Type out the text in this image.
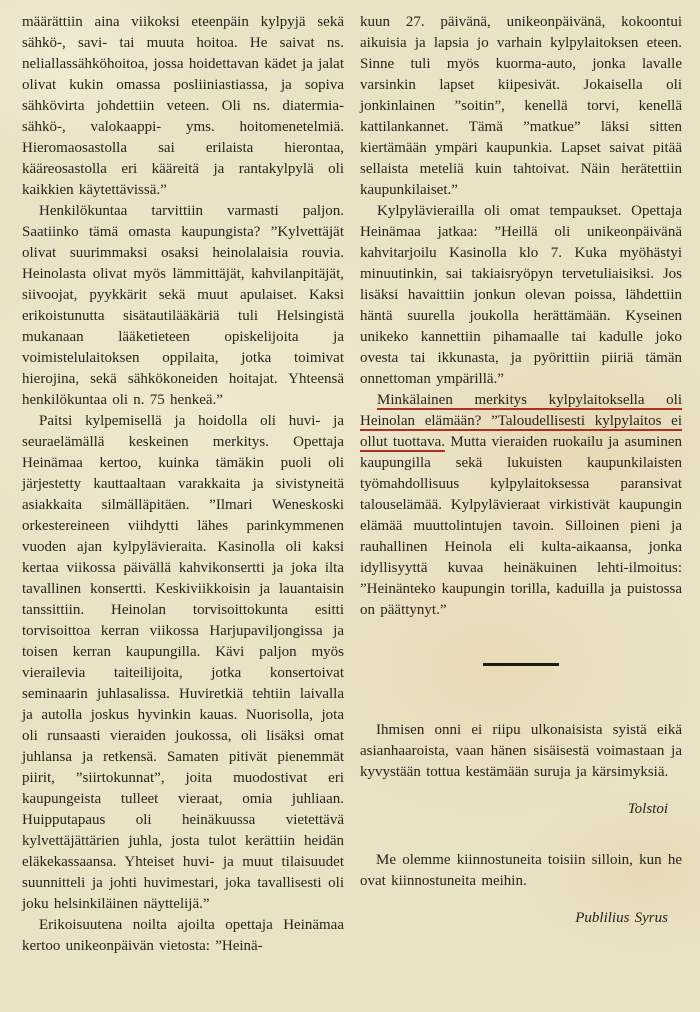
määrättiin aina viikoksi eteenpäin kylpyjä sekä sähkö-, savi- tai muuta hoitoa. He saivat ns. neliallassähköhoitoa, jossa hoidettavan kädet ja jalat olivat kukin omassa posliiniastiassa, ja sopiva sähkövirta johdettiin veteen. Oli ns. diatermia-sähkö-, valokaappi- yms. hoitomenetelmiä. Hieromaosastolla sai erilaista hierontaa, kääreosastolla eri kääreitä ja rantakylpylä oli kaikkien käytettävissä.”

Henkilökuntaa tarvittiin varmasti paljon. Saatiinko tämä omasta kaupungista? ”Kylvettäjät olivat suurimmaksi osaksi heinolalaisia rouvia. Heinolasta olivat myös lämmittäjät, kahvilanpitäjät, siivoojat, pyykkärit sekä muut apulaiset. Kaksi erikoistunutta sisätautilääkäriä tuli Helsingistä mukanaan lääketieteen opiskelijoita ja voimistelulaitoksen oppilaita, jotka toimivat hierojina, sekä sähkökoneiden hoitajat. Yhteensä henkilökuntaa oli n. 75 henkeä.”

Paitsi kylpemisellä ja hoidolla oli huvi- ja seuraelämällä keskeinen merkitys. Opettaja Heinämaa kertoo, kuinka tämäkin puoli oli järjestetty kauttaaltaan varakkaita ja sivistyneitä asiakkaita silmälläpitäen. ”Ilmari Weneskoski orkestereineen viihdytti lähes parinkymmenen vuoden ajan kylpylävieraita. Kasinolla oli kaksi kertaa viikossa päivällä kahvikonsertti ja joka ilta tavallinen konsertti. Keskiviikkoisin ja lauantaisin tanssittiin. Heinolan torvisoittokunta esitti torvisoittoa kerran viikossa Harjupaviljongissa ja toisen kerran kaupungilla. Kävi paljon myös vierailevia taiteilijoita, jotka konsertoivat seminaarin juhlasalissa. Huviretkiä tehtiin laivalla ja autolla joskus hyvinkin kauas. Nuorisolla, jota oli runsaasti vieraiden joukossa, oli lisäksi omat juhlansa ja retkensä. Samaten pitivät pienemmät piirit, ”siirtokunnat”, joita muodostivat eri kaupungeista tulleet vieraat, omia juhliaan. Huipputapaus oli heinäkuussa vietettävä kylvettäjättärien juhla, josta tulot kerättiin heidän eläkekassaansa. Yhteiset huvi- ja muut tilaisuudet suunnitteli ja johti huvimestari, joka tavallisesti oli joku helsinkiläinen näyttelijä.”

Erikoisuutena noilta ajoilta opettaja Heinämaa kertoo unikeonpäivän vietosta: ”Heinä-

kuun 27. päivänä, unikeonpäivänä, kokoontui aikuisia ja lapsia jo varhain kylpylaitoksen eteen. Sinne tuli myös kuorma-auto, jonka lavalle varsinkin lapset kiipesivät. Jokaisella oli jonkinlainen ”soitin”, kenellä torvi, kenellä kattilankannet. Tämä ”matkue” läksi sitten kiertämään ympäri kaupunkia. Lapset saivat pitää sellaista meteliä kuin tahtoivat. Näin herätettiin kaupunkilaiset.”

Kylpylävierailla oli omat tempaukset. Opettaja Heinämaa jatkaa: ”Heillä oli unikeonpäivänä kahvitarjoilu Kasinolla klo 7. Kuka myöhästyi minuutinkin, sai takiaisryöpyn tervetuliaisiksi. Jos lisäksi havaittiin jonkun olevan poissa, lähdettiin häntä suurella joukolla herättämään. Kyseinen unikeko kannettiin pihamaalle tai kadulle joko ovesta tai ikkunasta, ja pyörittiin piiriä tämän onnettoman ympärillä.”

Minkälainen merkitys kylpylaitoksella oli Heinolan elämään? ”Taloudellisesti kylpylaitos ei ollut tuottava. Mutta vieraiden ruokailu ja asuminen kaupungilla sekä lukuisten kaupunkilaisten työmahdollisuus kylpylaitoksessa paransivat talouselämää. Kylpylävieraat virkistivät kaupungin elämää muuttolintujen tavoin. Silloinen pieni ja rauhallinen Heinola eli kulta-aikaansa, jonka idyllisyyttä kuvaa heinäkuinen lehti-ilmoitus: ”Heinänteko kaupungin torilla, kaduilla ja puistossa on päättynyt.”

Ihmisen onni ei riipu ulkonaisista syistä eikä asianhaaroista, vaan hänen sisäisestä voimastaan ja kyvystään tottua kestämään suruja ja kärsimyksiä.

Tolstoi

Me olemme kiinnostuneita toisiin silloin, kun he ovat kiinnostuneita meihin.

Publilius Syrus
